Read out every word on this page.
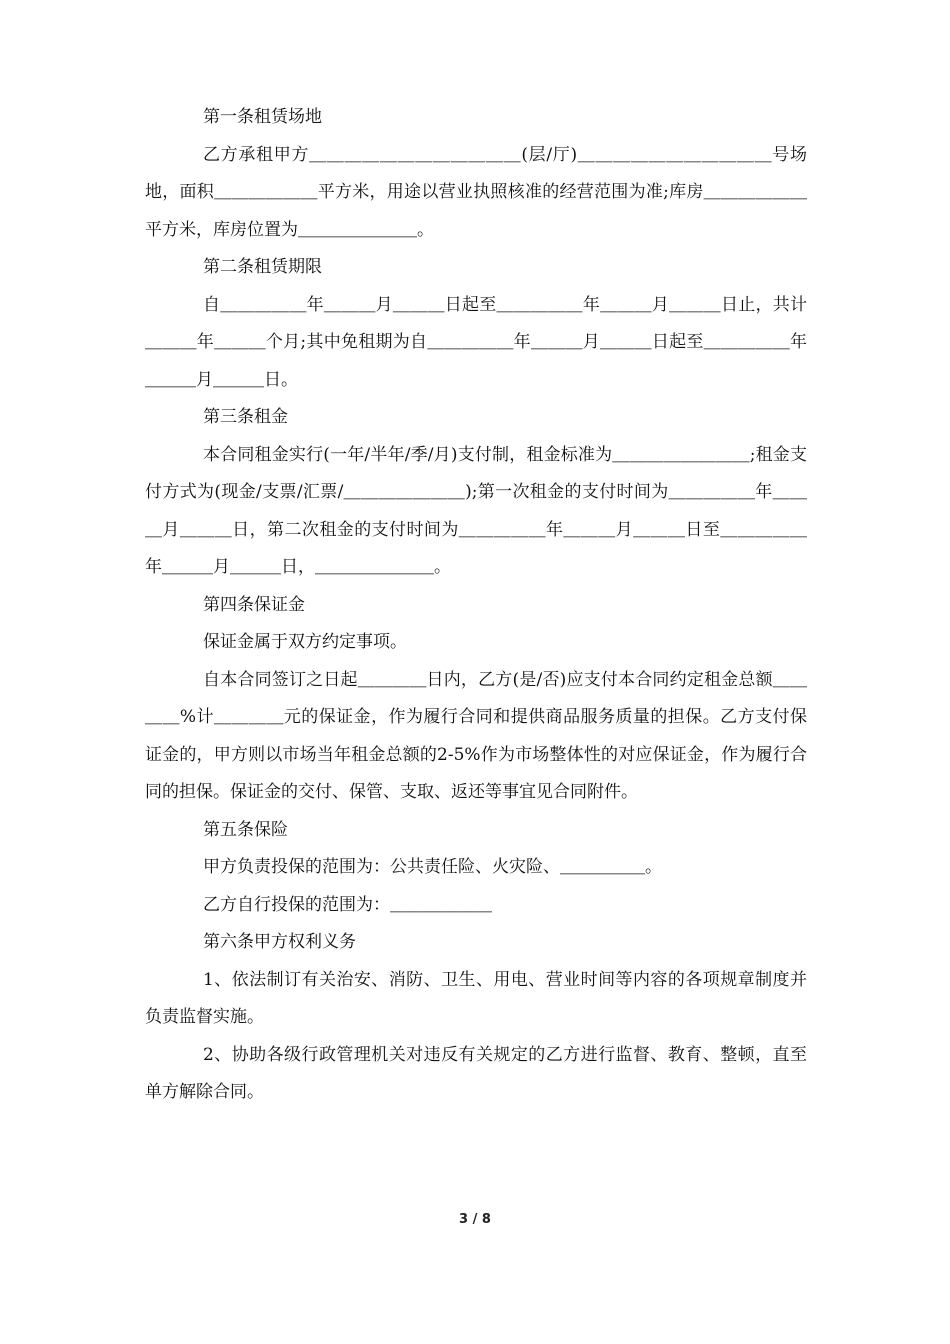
第一条租赁场地

乙方承租甲方＿＿＿＿＿＿＿＿＿＿＿＿(层/厅)＿＿＿＿＿＿＿＿＿＿＿号场地，面积＿＿＿＿＿＿平方米，用途以营业执照核准的经营范围为准;库房＿＿＿＿＿＿平方米，库房位置为＿＿＿＿＿＿＿。

第二条租赁期限

自＿＿＿＿＿年＿＿＿月＿＿＿日起至＿＿＿＿＿年＿＿＿月＿＿＿日止，共计＿＿＿年＿＿＿个月;其中免租期为自＿＿＿＿＿年＿＿＿月＿＿＿日起至＿＿＿＿＿年＿＿＿月＿＿＿日。

第三条租金

本合同租金实行(一年/半年/季/月)支付制，租金标准为＿＿＿＿＿＿＿＿;租金支付方式为(现金/支票/汇票/＿＿＿＿＿＿＿);第一次租金的支付时间为＿＿＿＿＿年＿＿＿月＿＿＿日，第二次租金的支付时间为＿＿＿＿＿年＿＿＿月＿＿＿日至＿＿＿＿＿年＿＿＿月＿＿＿日，＿＿＿＿＿＿＿。

第四条保证金

保证金属于双方约定事项。

自本合同签订之日起＿＿＿＿日内，乙方(是/否)应支付本合同约定租金总额＿＿＿＿%计＿＿＿＿元的保证金，作为履行合同和提供商品服务质量的担保。乙方支付保证金的，甲方则以市场当年租金总额的2-5%作为市场整体性的对应保证金，作为履行合同的担保。保证金的交付、保管、支取、返还等事宜见合同附件。

第五条保险

甲方负责投保的范围为：公共责任险、火灾险、＿＿＿＿＿。

乙方自行投保的范围为：＿＿＿＿＿＿

第六条甲方权利义务

1、依法制订有关治安、消防、卫生、用电、营业时间等内容的各项规章制度并负责监督实施。

2、协助各级行政管理机关对违反有关规定的乙方进行监督、教育、整顿，直至单方解除合同。

3 / 8
